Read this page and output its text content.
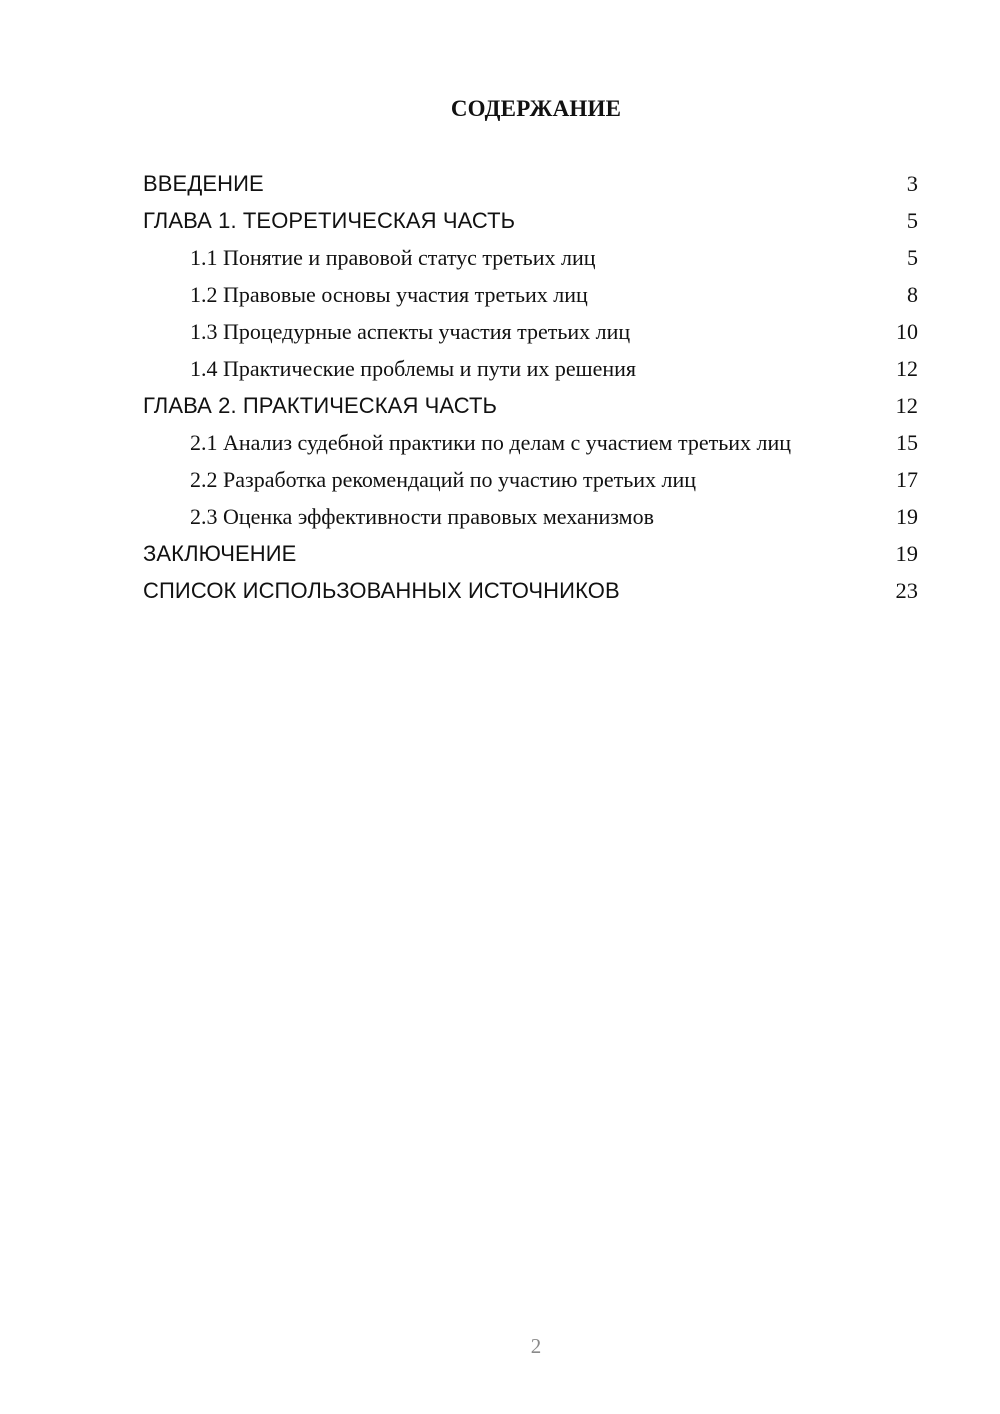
СОДЕРЖАНИЕ
ВВЕДЕНИЕ	3
ГЛАВА 1. ТЕОРЕТИЧЕСКАЯ ЧАСТЬ	5
1.1 Понятие и правовой статус третьих лиц	5
1.2 Правовые основы участия третьих лиц	8
1.3 Процедурные аспекты участия третьих лиц	10
1.4 Практические проблемы и пути их решения	12
ГЛАВА 2. ПРАКТИЧЕСКАЯ ЧАСТЬ	12
2.1 Анализ судебной практики по делам с участием третьих лиц	15
2.2 Разработка рекомендаций по участию третьих лиц	17
2.3 Оценка эффективности правовых механизмов	19
ЗАКЛЮЧЕНИЕ	19
СПИСОК ИСПОЛЬЗОВАННЫХ ИСТОЧНИКОВ	23
2
